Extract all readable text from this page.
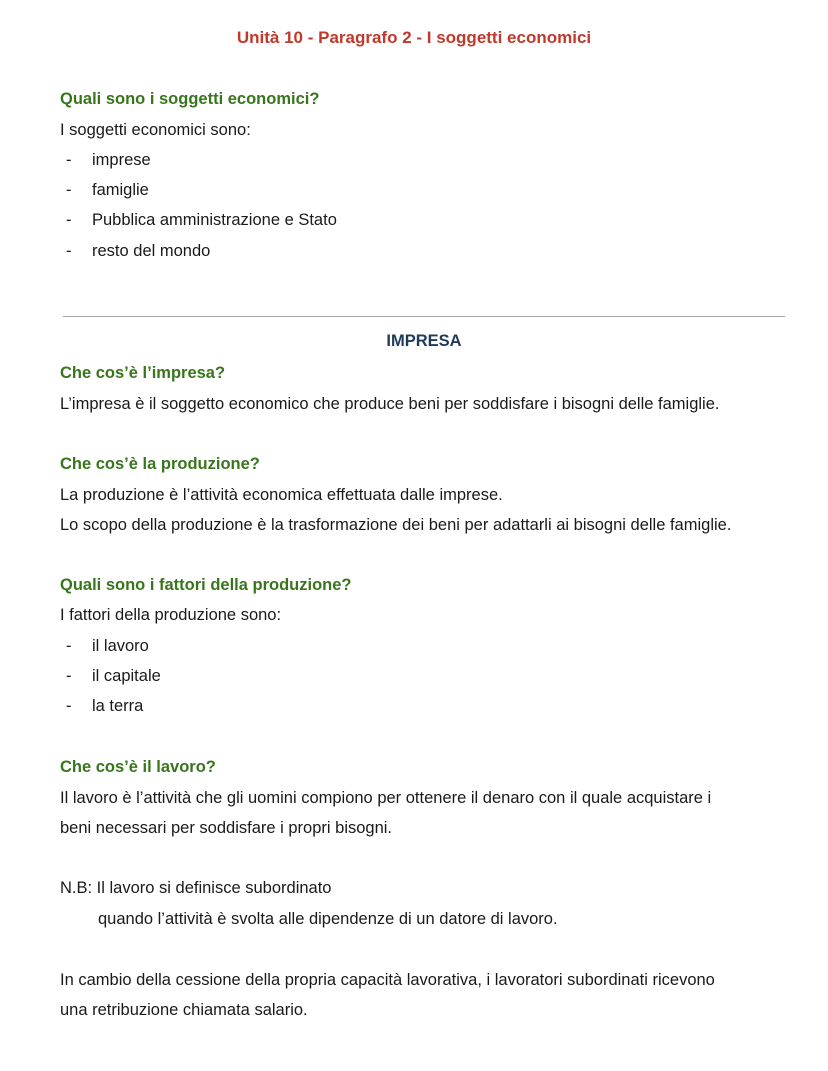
Unità 10 - Paragrafo 2 - I soggetti economici
Quali sono i soggetti economici?
I soggetti economici sono:
-	imprese
-	famiglie
-	Pubblica amministrazione e Stato
-	resto del mondo
IMPRESA
Che cos’è l’impresa?
L’impresa è il soggetto economico che produce beni per soddisfare i bisogni delle famiglie.
Che cos’è la produzione?
La produzione è l’attività economica effettuata dalle imprese.
Lo scopo della produzione è la trasformazione dei beni per adattarli ai bisogni delle famiglie.
Quali sono i fattori della produzione?
I fattori della produzione sono:
-	il lavoro
-	il capitale
-	la terra
Che cos’è il lavoro?
Il lavoro è l’attività che gli uomini compiono per ottenere il denaro con il quale acquistare i
beni necessari per soddisfare i propri bisogni.
N.B: Il lavoro si definisce subordinato
quando l’attività è svolta alle dipendenze di un datore di lavoro.
In cambio della cessione della propria capacità lavorativa, i lavoratori subordinati ricevono
una retribuzione chiamata salario.
